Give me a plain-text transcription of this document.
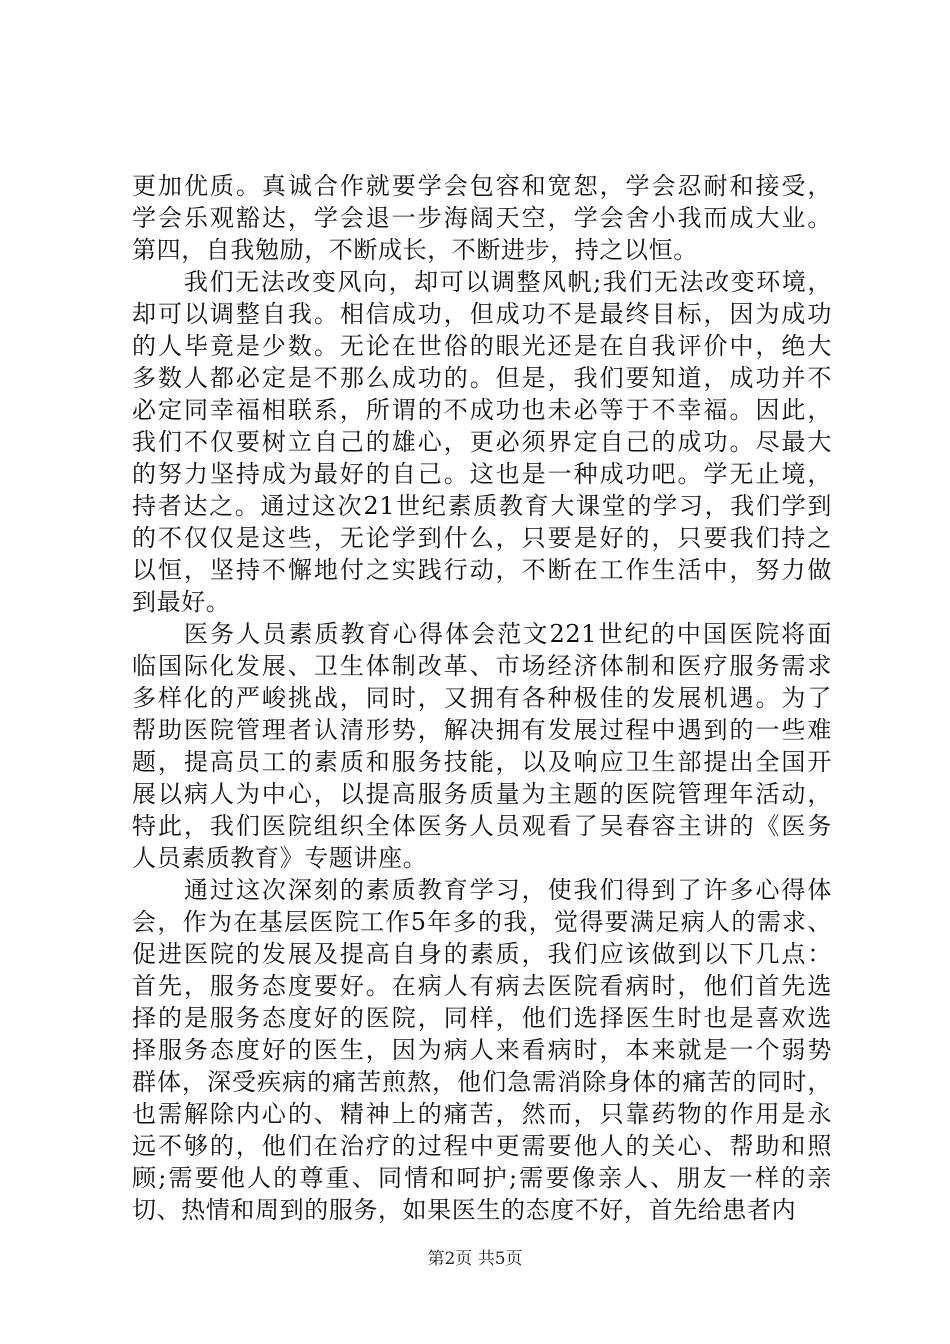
更加优质。真诚合作就要学会包容和宽恕，学会忍耐和接受，
学会乐观豁达，学会退一步海阔天空，学会舍小我而成大业。
第四，自我勉励，不断成长，不断进步，持之以恒。
我们无法改变风向，却可以调整风帆;我们无法改变环境，
却可以调整自我。相信成功，但成功不是最终目标，因为成功
的人毕竟是少数。无论在世俗的眼光还是在自我评价中，绝大
多数人都必定是不那么成功的。但是，我们要知道，成功并不
必定同幸福相联系，所谓的不成功也未必等于不幸福。因此，
我们不仅要树立自己的雄心，更必须界定自己的成功。尽最大
的努力坚持成为最好的自己。这也是一种成功吧。学无止境，
持者达之。通过这次21世纪素质教育大课堂的学习，我们学到
的不仅仅是这些，无论学到什么，只要是好的，只要我们持之
以恒，坚持不懈地付之实践行动，不断在工作生活中，努力做
到最好。
医务人员素质教育心得体会范文221世纪的中国医院将面
临国际化发展、卫生体制改革、市场经济体制和医疗服务需求
多样化的严峻挑战，同时，又拥有各种极佳的发展机遇。为了
帮助医院管理者认清形势，解决拥有发展过程中遇到的一些难
题，提高员工的素质和服务技能，以及响应卫生部提出全国开
展以病人为中心，以提高服务质量为主题的医院管理年活动，
特此，我们医院组织全体医务人员观看了吴春容主讲的《医务
人员素质教育》专题讲座。
通过这次深刻的素质教育学习，使我们得到了许多心得体
会，作为在基层医院工作5年多的我，觉得要满足病人的需求、
促进医院的发展及提高自身的素质，我们应该做到以下几点：
首先，服务态度要好。在病人有病去医院看病时，他们首先选
择的是服务态度好的医院，同样，他们选择医生时也是喜欢选
择服务态度好的医生，因为病人来看病时，本来就是一个弱势
群体，深受疾病的痛苦煎熬，他们急需消除身体的痛苦的同时，
也需解除内心的、精神上的痛苦，然而，只靠药物的作用是永
远不够的，他们在治疗的过程中更需要他人的关心、帮助和照
顾;需要他人的尊重、同情和呵护;需要像亲人、朋友一样的亲
切、热情和周到的服务，如果医生的态度不好，首先给患者内
第2页 共5页
